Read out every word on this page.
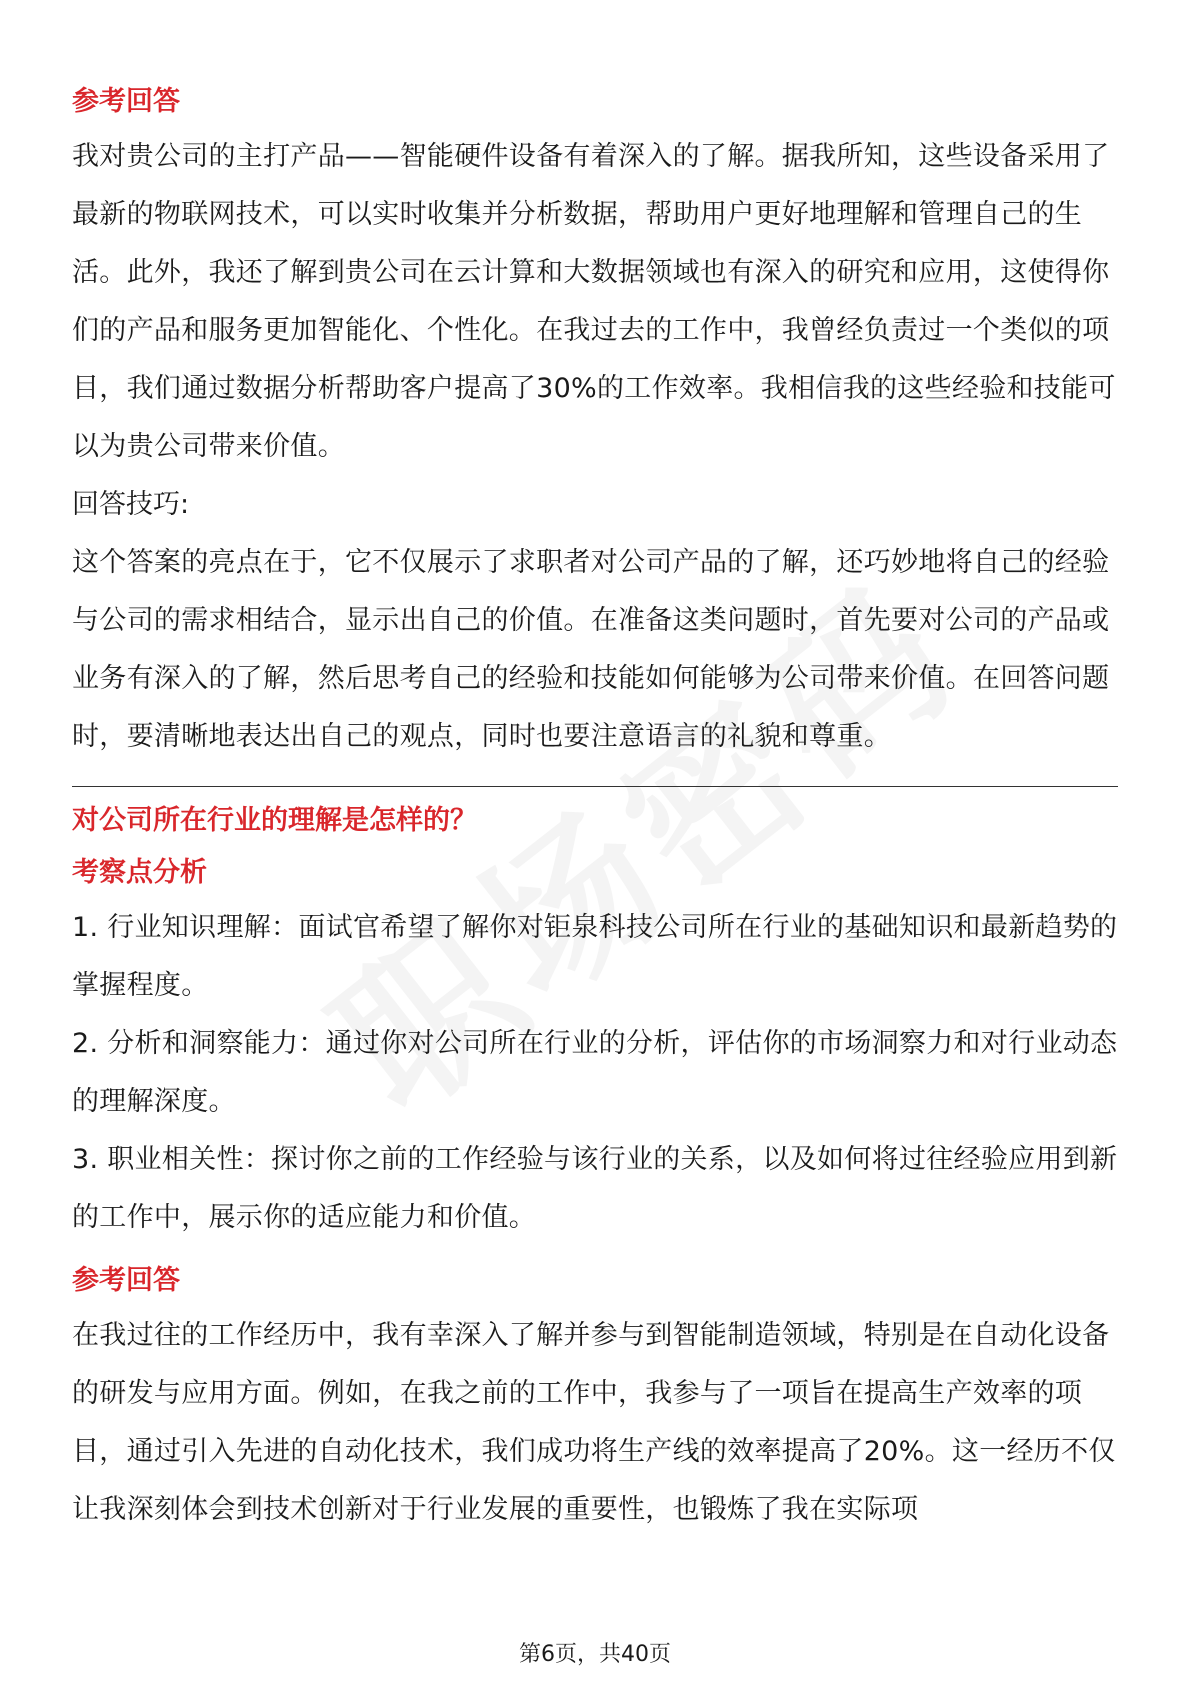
参考回答

我对贵公司的主打产品——智能硬件设备有着深入的了解。据我所知，这些设备采用了最新的物联网技术，可以实时收集并分析数据，帮助用户更好地理解和管理自己的生活。此外，我还了解到贵公司在云计算和大数据领域也有深入的研究和应用，这使得你们的产品和服务更加智能化、个性化。在我过去的工作中，我曾经负责过一个类似的项目，我们通过数据分析帮助客户提高了30%的工作效率。我相信我的这些经验和技能可以为贵公司带来价值。

回答技巧:

这个答案的亮点在于，它不仅展示了求职者对公司产品的了解，还巧妙地将自己的经验与公司的需求相结合，显示出自己的价值。在准备这类问题时，首先要对公司的产品或业务有深入的了解，然后思考自己的经验和技能如何能够为公司带来价值。在回答问题时，要清晰地表达出自己的观点，同时也要注意语言的礼貌和尊重。

对公司所在行业的理解是怎样的？
考察点分析

1. 行业知识理解：面试官希望了解你对钜泉科技公司所在行业的基础知识和最新趋势的掌握程度。

2. 分析和洞察能力：通过你对公司所在行业的分析，评估你的市场洞察力和对行业动态的理解深度。

3. 职业相关性：探讨你之前的工作经验与该行业的关系，以及如何将过往经验应用到新的工作中，展示你的适应能力和价值。

参考回答

在我过往的工作经历中，我有幸深入了解并参与到智能制造领域，特别是在自动化设备的研发与应用方面。例如，在我之前的工作中，我参与了一项旨在提高生产效率的项目，通过引入先进的自动化技术，我们成功将生产线的效率提高了20%。这一经历不仅让我深刻体会到技术创新对于行业发展的重要性，也锻炼了我在实际项

第6页，共40页
